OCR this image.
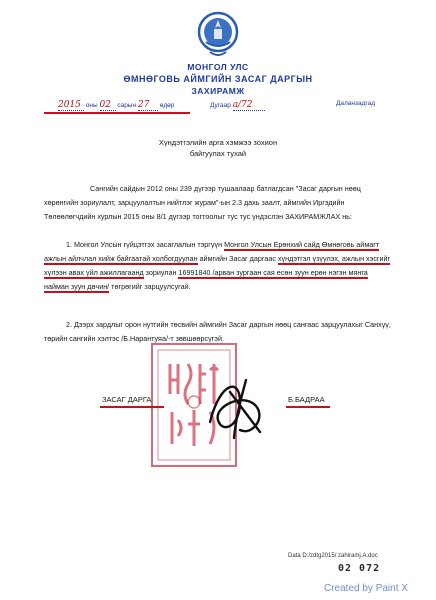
МОНГОЛ УЛС
ӨМНӨГОВЬ АЙМГИЙН ЗАСАГ ДАРГЫН
ЗАХИРАМЖ
2015 оны 02 сарын 27 өдөр	Дугаар а/72	Даланзадгад
Хүндэтгэлийн арга хэмжээ зохион
байгуулах тухай
Сангийн сайдын 2012 оны 239 дүгээр тушаалаар батлагдсан "Засаг даргын нөөц хөрөнгийн зориулалт, зарцуулалтын нийтлэг журам"-ын 2.3 дахь заалт, аймгийн Иргэдийн Төлөөлөгчдийн хурлын 2015 оны 8/1 дүгээр тогтоолыг тус тус үндэслэн ЗАХИРАМЖЛАХ нь:
1. Монгол Улсын гүйцэтгэх засаглалын тэргүүн Монгол Улсын Ерөнхий сайд Өмнөговь аймагт ажлын айлчлал хийж байгаатай холбогдуулан аймгийн Засаг даргаас хүндэтгэл үзүүлэх, ажлын хэсгийг хүлээн авах үйл ажиллагаанд зориулан 16991840 /арван зургаан сая есөн зуун ерөн нэгэн мянга найман зуун дөчин/ төгрөгийг зарцуулсугай.
2. Дээрх зардлыг орон нутгийн төсвийн аймгийн Засаг даргын нөөц сангаас зарцуулахыг Санхүү, төрийн сангийн хэлтэс /Б.Нарантуяа/-т зөвшөөрсүгэй.
ЗАСАГ ДАРГА	Б.БАДРАА
Data D:/zdtg2015/ zahiramj.A.doc
02 072
Created by Paint X
